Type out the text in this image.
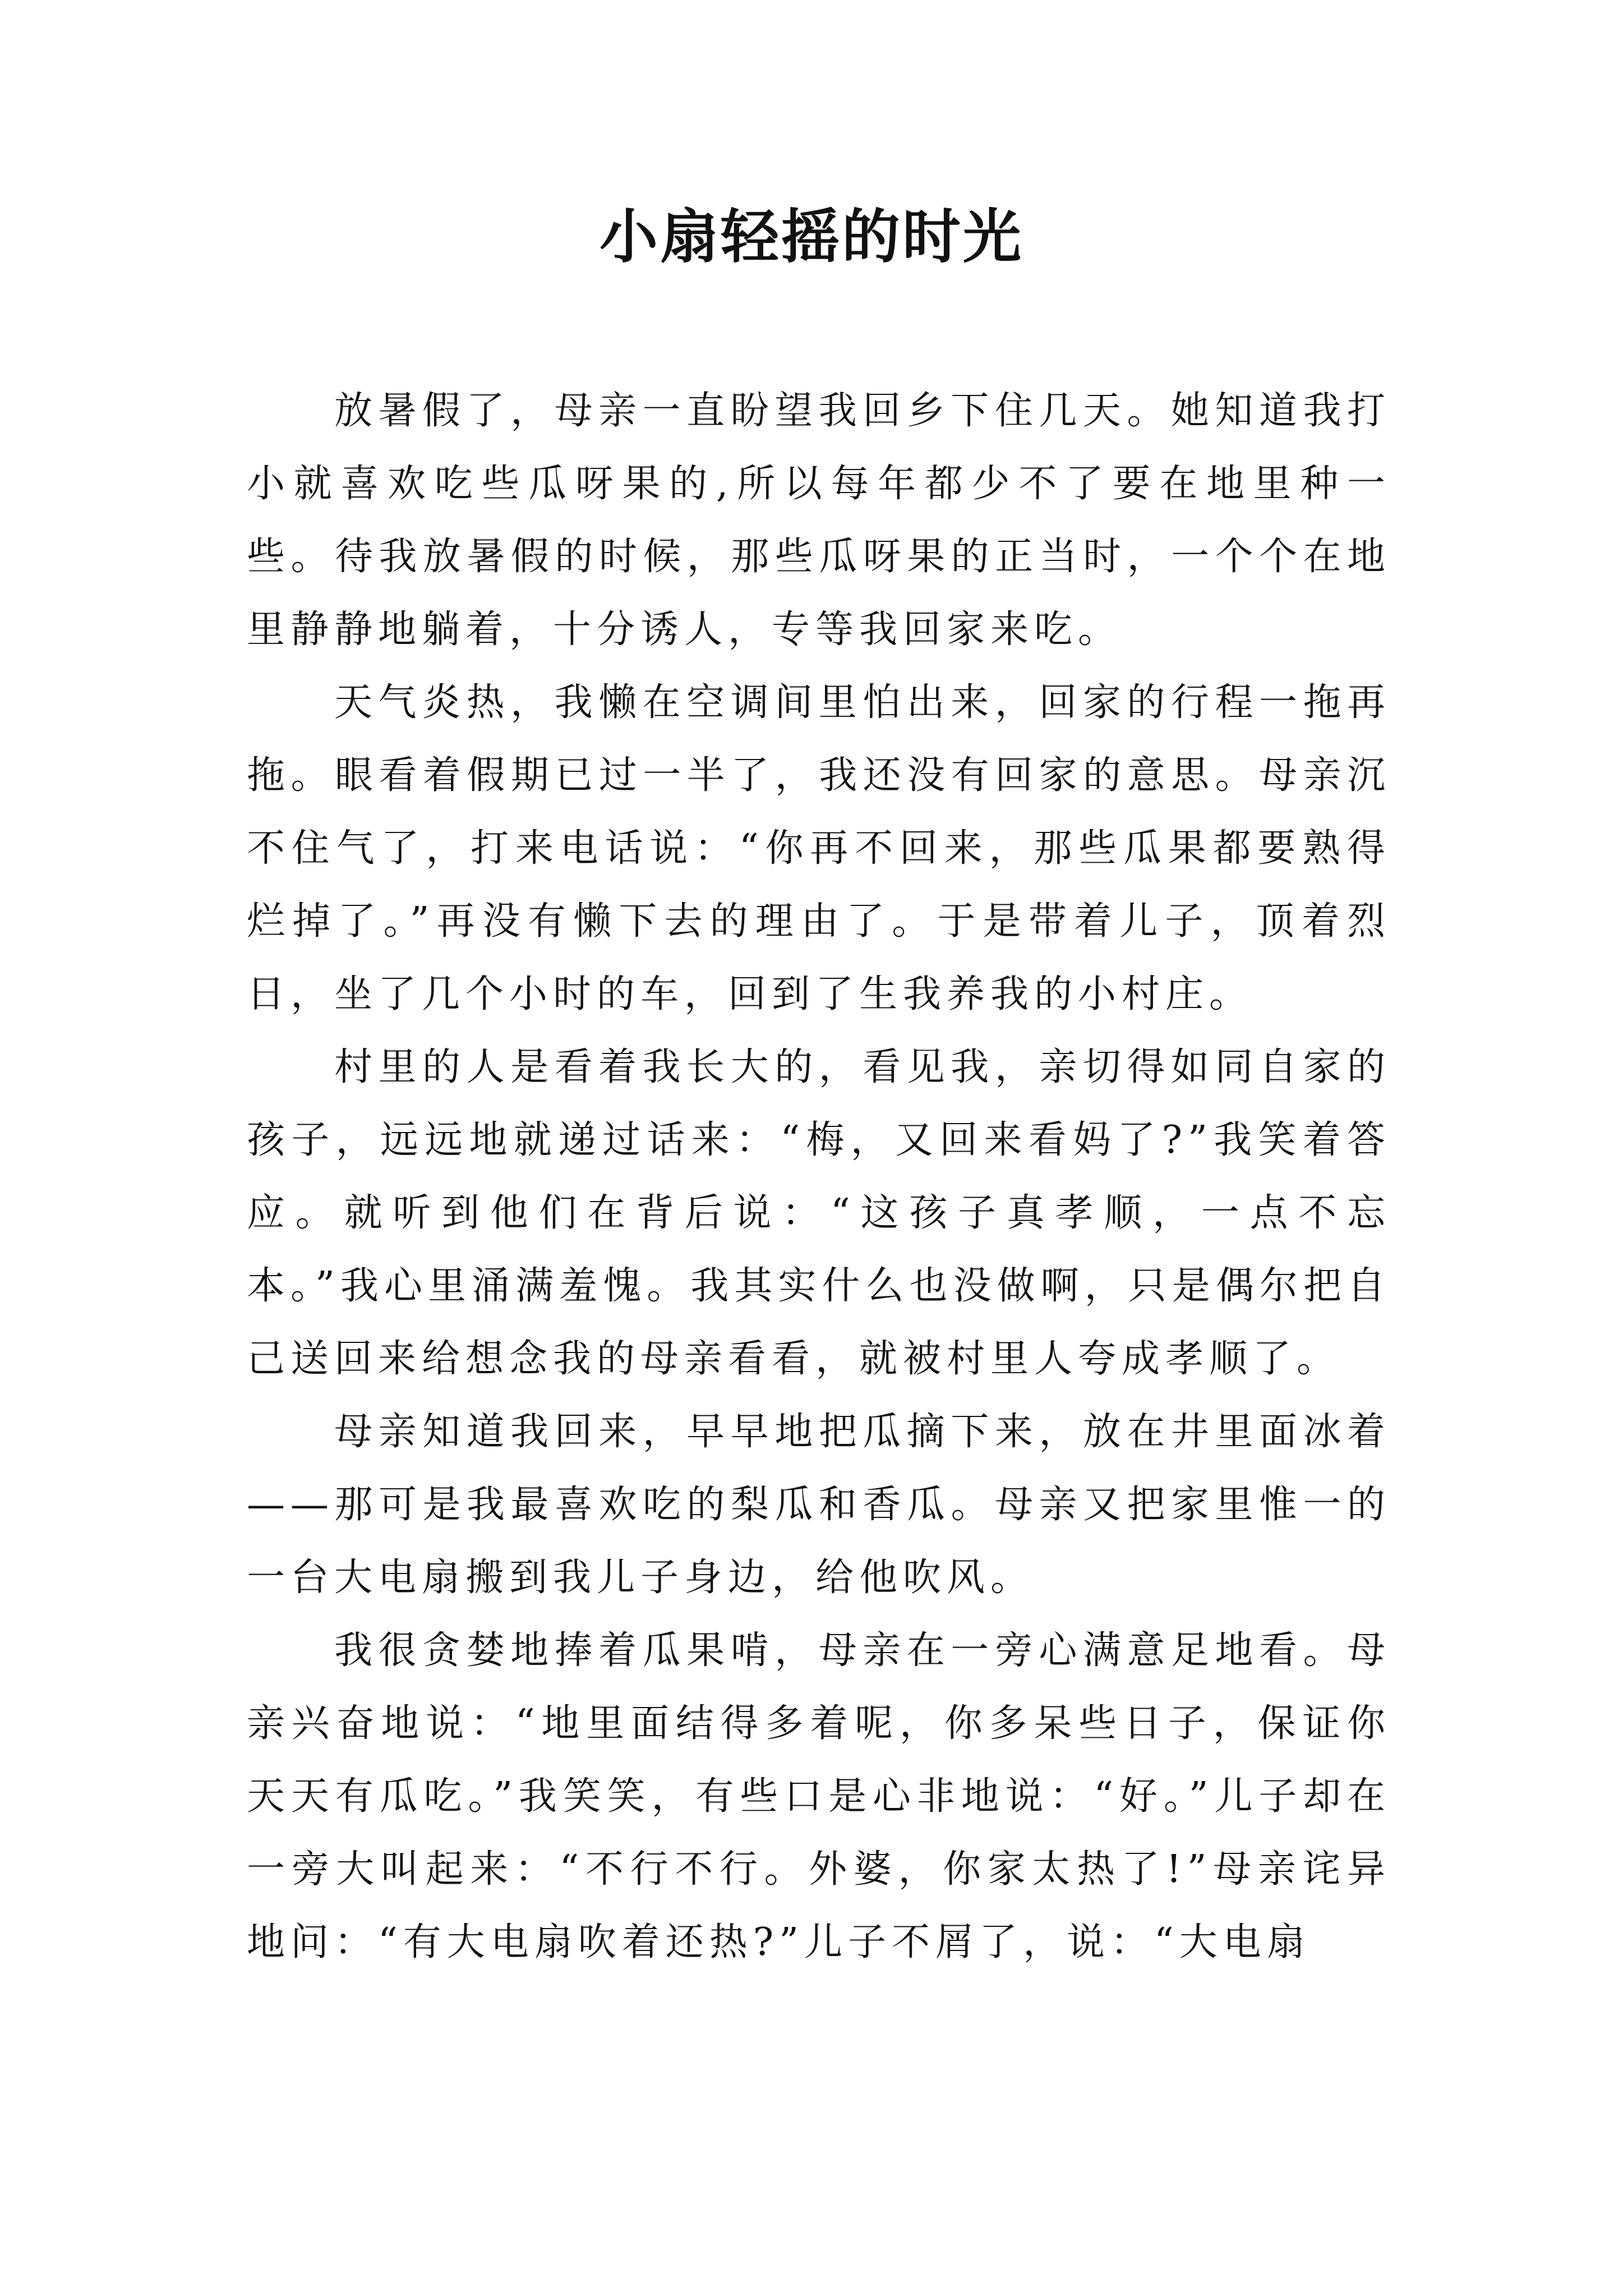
小扇轻摇的时光

放暑假了，母亲一直盼望我回乡下住几天。她知道我打小就喜欢吃些瓜呀果的,所以每年都少不了要在地里种一些。待我放暑假的时候，那些瓜呀果的正当时，一个个在地里静静地躺着，十分诱人，专等我回家来吃。

天气炎热，我懒在空调间里怕出来，回家的行程一拖再拖。眼看着假期已过一半了，我还没有回家的意思。母亲沉不住气了，打来电话说：“你再不回来，那些瓜果都要熟得烂掉了。”再没有懒下去的理由了。于是带着儿子，顶着烈日，坐了几个小时的车，回到了生我养我的小村庄。

村里的人是看着我长大的，看见我，亲切得如同自家的孩子，远远地就递过话来：“梅，又回来看妈了?”我笑着答应。就听到他们在背后说：“这孩子真孝顺，一点不忘本。”我心里涌满羞愧。我其实什么也没做啊，只是偶尔把自己送回来给想念我的母亲看看，就被村里人夸成孝顺了。

母亲知道我回来，早早地把瓜摘下来，放在井里面冰着——那可是我最喜欢吃的梨瓜和香瓜。母亲又把家里惟一的一台大电扇搬到我儿子身边，给他吹风。

我很贪婪地捧着瓜果啃，母亲在一旁心满意足地看。母亲兴奋地说：“地里面结得多着呢，你多呆些日子，保证你天天有瓜吃。”我笑笑，有些口是心非地说：“好。”儿子却在一旁大叫起来：“不行不行。外婆，你家太热了!”母亲诧异地问：“有大电扇吹着还热?”儿子不屑了，说：“大电扇
